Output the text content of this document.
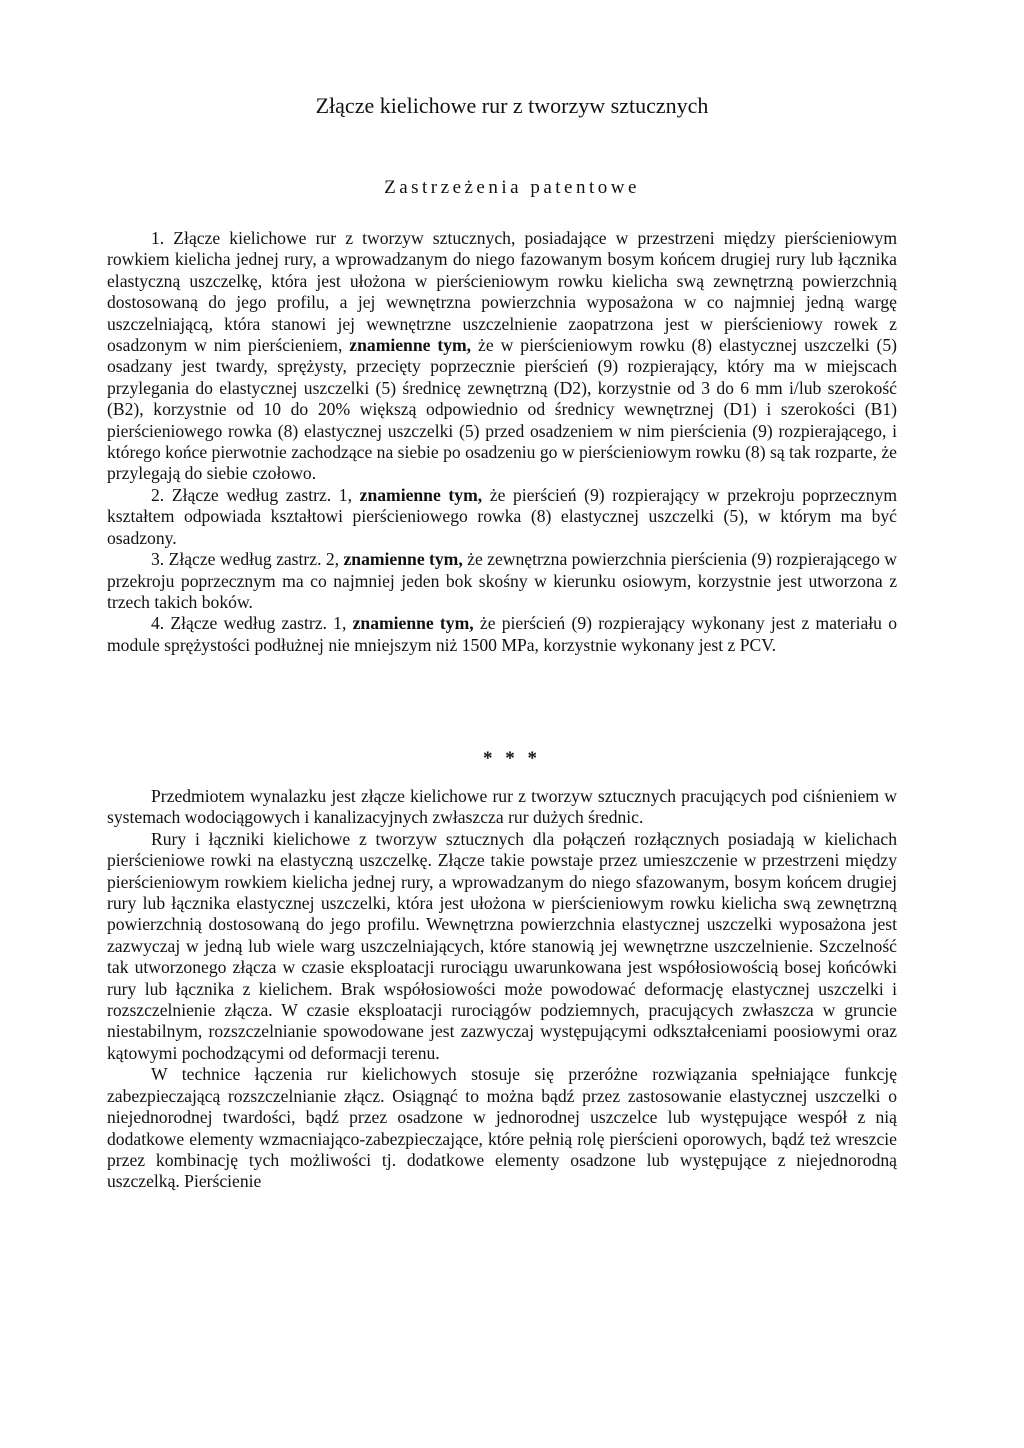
Złącze kielichowe rur z tworzyw sztucznych
Zastrzeżenia patentowe

1. Złącze kielichowe rur z tworzyw sztucznych, posiadające w przestrzeni między pierścieniowym rowkiem kielicha jednej rury, a wprowadzanym do niego fazowanym bosym końcem drugiej rury lub łącznika elastyczną uszczelkę, która jest ułożona w pierścieniowym rowku kielicha swą zewnętrzną powierzchnią dostosowaną do jego profilu, a jej wewnętrzna powierzchnia wyposażona w co najmniej jedną wargę uszczelniającą, która stanowi jej wewnętrzne uszczelnienie zaopatrzona jest w pierścieniowy rowek z osadzonym w nim pierścieniem, znamienne tym, że w pierścieniowym rowku (8) elastycznej uszczelki (5) osadzany jest twardy, sprężysty, przecięty poprzecznie pierścień (9) rozpierający, który ma w miejscach przylegania do elastycznej uszczelki (5) średnicę zewnętrzną (D2), korzystnie od 3 do 6 mm i/lub szerokość (B2), korzystnie od 10 do 20% większą odpowiednio od średnicy wewnętrznej (D1) i szerokości (B1) pierścieniowego rowka (8) elastycznej uszczelki (5) przed osadzeniem w nim pierścienia (9) rozpierającego, i którego końce pierwotnie zachodzące na siebie po osadzeniu go w pierścieniowym rowku (8) są tak rozparte, że przylegają do siebie czołowo.

2. Złącze według zastrz. 1, znamienne tym, że pierścień (9) rozpierający w przekroju poprzecznym kształtem odpowiada kształtowi pierścieniowego rowka (8) elastycznej uszczelki (5), w którym ma być osadzony.

3. Złącze według zastrz. 2, znamienne tym, że zewnętrzna powierzchnia pierścienia (9) rozpierającego w przekroju poprzecznym ma co najmniej jeden bok skośny w kierunku osiowym, korzystnie jest utworzona z trzech takich boków.

4. Złącze według zastrz. 1, znamienne tym, że pierścień (9) rozpierający wykonany jest z materiału o module sprężystości podłużnej nie mniejszym niż 1500 MPa, korzystnie wykonany jest z PCV.

* * *

Przedmiotem wynalazku jest złącze kielichowe rur z tworzyw sztucznych pracujących pod ciśnieniem w systemach wodociągowych i kanalizacyjnych zwłaszcza rur dużych średnic.

Rury i łączniki kielichowe z tworzyw sztucznych dla połączeń rozłącznych posiadają w kielichach pierścieniowe rowki na elastyczną uszczelkę. Złącze takie powstaje przez umieszczenie w przestrzeni między pierścieniowym rowkiem kielicha jednej rury, a wprowadzanym do niego sfazowanym, bosym końcem drugiej rury lub łącznika elastycznej uszczelki, która jest ułożona w pierścieniowym rowku kielicha swą zewnętrzną powierzchnią dostosowaną do jego profilu. Wewnętrzna powierzchnia elastycznej uszczelki wyposażona jest zazwyczaj w jedną lub wiele warg uszczelniających, które stanowią jej wewnętrzne uszczelnienie. Szczelność tak utworzonego złącza w czasie eksploatacji rurociągu uwarunkowana jest współosiowością bosej końcówki rury lub łącznika z kielichem. Brak współosiowości może powodować deformację elastycznej uszczelki i rozszczelnienie złącza. W czasie eksploatacji rurociągów podziemnych, pracujących zwłaszcza w gruncie niestabilnym, rozszczelnianie spowodowane jest zazwyczaj występującymi odkształceniami poosiowymi oraz kątowymi pochodzącymi od deformacji terenu.

W technice łączenia rur kielichowych stosuje się przeróżne rozwiązania spełniające funkcję zabezpieczającą rozszczelnianie złącz. Osiągnąć to można bądź przez zastosowanie elastycznej uszczelki o niejednorodnej twardości, bądź przez osadzone w jednorodnej uszczelce lub występujące wespół z nią dodatkowe elementy wzmacniająco-zabezpieczające, które pełnią rolę pierścieni oporowych, bądź też wreszcie przez kombinację tych możliwości tj. dodatkowe elementy osadzone lub występujące z niejednorodną uszczelką. Pierścienie
